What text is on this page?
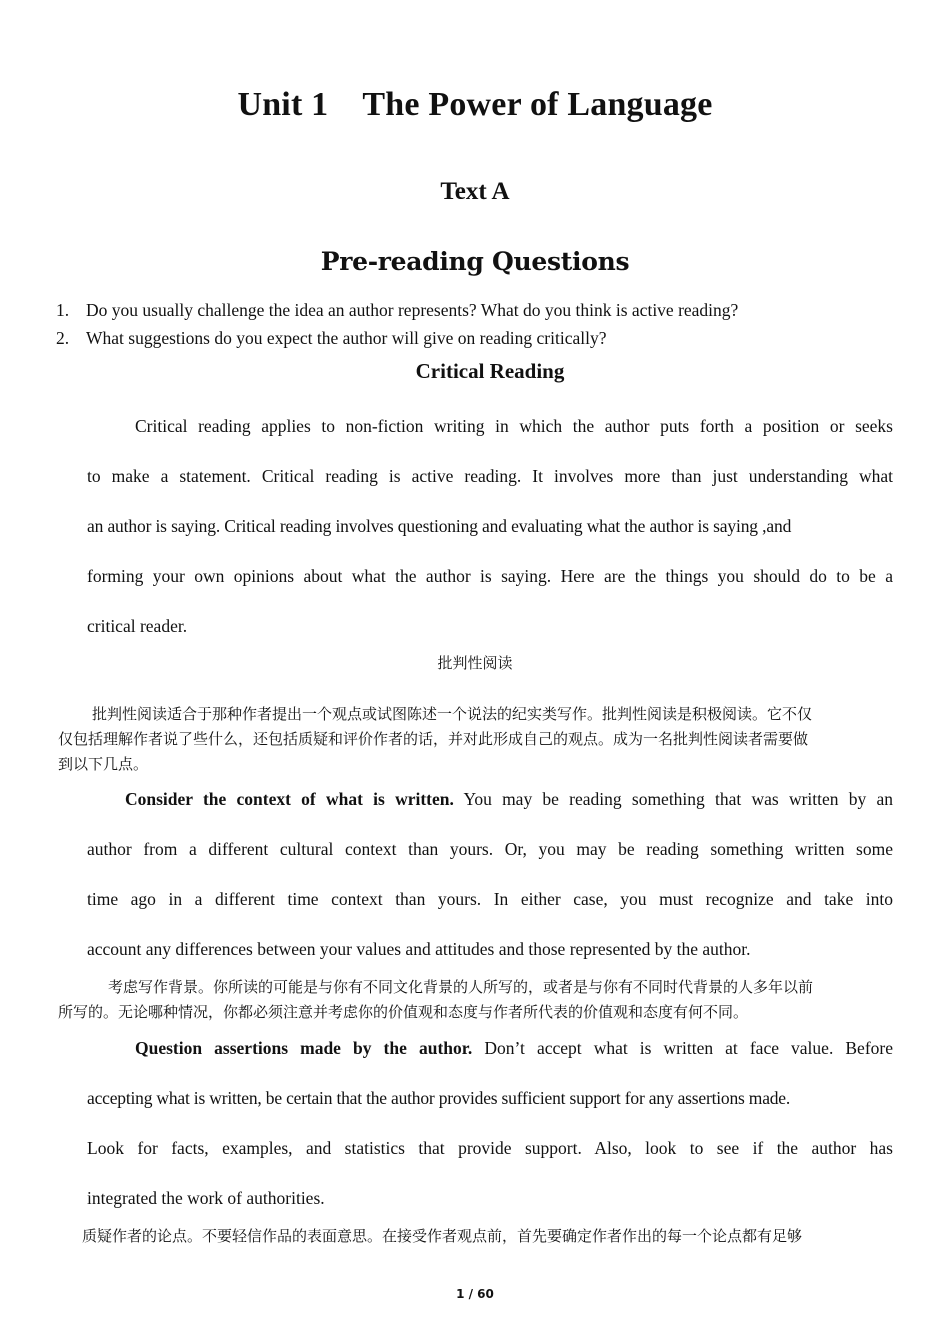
Unit 1 The Power of Language
Text A
Pre-reading Questions
1. Do you usually challenge the idea an author represents? What do you think is active reading?
2. What suggestions do you expect the author will give on reading critically?
Critical Reading
Critical reading applies to non-fiction writing in which the author puts forth a position or seeks
to make a statement. Critical reading is active reading. It involves more than just understanding what
an author is saying. Critical reading involves questioning and evaluating what the author is saying ,and
forming your own opinions about what the author is saying. Here are the things you should do to be a
critical reader.
批判性阅读
批判性阅读适合于那种作者提出一个观点或试图陈述一个说法的纪实类写作。批判性阅读是积极阅读。它不仅
仅包括理解作者说了些什么，还包括质疑和评价作者的话，并对此形成自己的观点。成为一名批判性阅读者需要做
到以下几点。
Consider the context of what is written. You may be reading something that was written by an
author from a different cultural context than yours. Or, you may be reading something written some
time ago in a different time context than yours. In either case, you must recognize and take into
account any differences between your values and attitudes and those represented by the author.
考虑写作背景。你所读的可能是与你有不同文化背景的人所写的，或者是与你有不同时代背景的人多年以前
所写的。无论哪种情况，你都必须注意并考虑你的价值观和态度与作者所代表的价值观和态度有何不同。
Question assertions made by the author. Don’t accept what is written at face value. Before
accepting what is written, be certain that the author provides sufficient support for any assertions made.
Look for facts, examples, and statistics that provide support. Also, look to see if the author has
integrated the work of authorities.
质疑作者的论点。不要轻信作品的表面意思。在接受作者观点前，首先要确定作者作出的每一个论点都有足够
1 / 60
